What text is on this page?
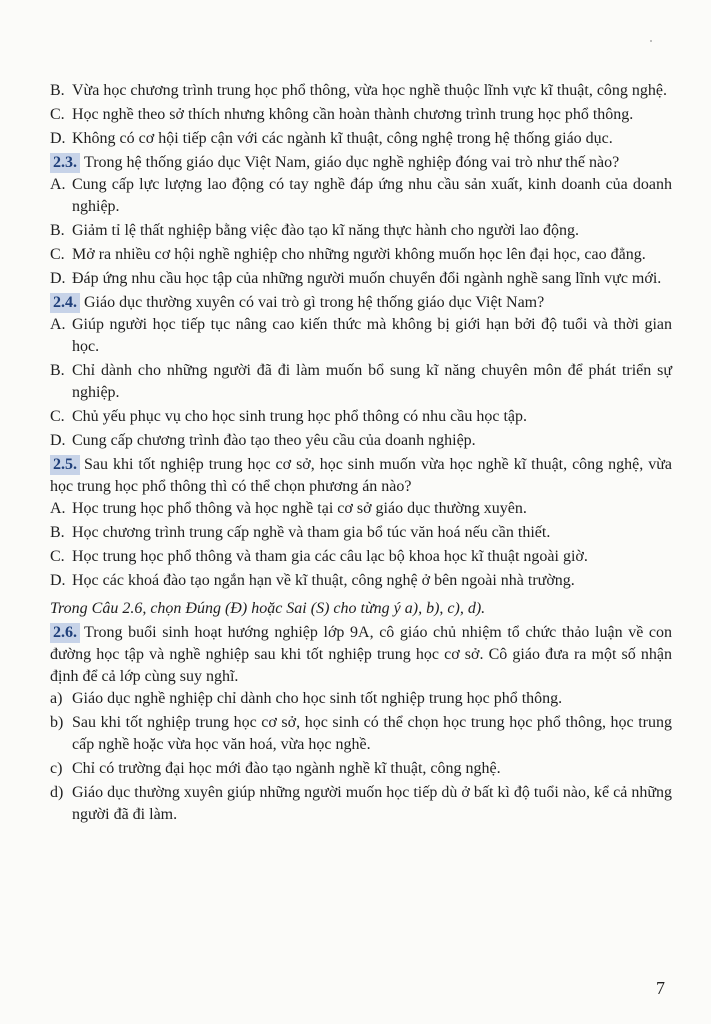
B. Vừa học chương trình trung học phổ thông, vừa học nghề thuộc lĩnh vực kĩ thuật, công nghệ.
C. Học nghề theo sở thích nhưng không cần hoàn thành chương trình trung học phổ thông.
D. Không có cơ hội tiếp cận với các ngành kĩ thuật, công nghệ trong hệ thống giáo dục.
2.3. Trong hệ thống giáo dục Việt Nam, giáo dục nghề nghiệp đóng vai trò như thế nào?
A. Cung cấp lực lượng lao động có tay nghề đáp ứng nhu cầu sản xuất, kinh doanh của doanh nghiệp.
B. Giảm tỉ lệ thất nghiệp bằng việc đào tạo kĩ năng thực hành cho người lao động.
C. Mở ra nhiều cơ hội nghề nghiệp cho những người không muốn học lên đại học, cao đẳng.
D. Đáp ứng nhu cầu học tập của những người muốn chuyển đổi ngành nghề sang lĩnh vực mới.
2.4. Giáo dục thường xuyên có vai trò gì trong hệ thống giáo dục Việt Nam?
A. Giúp người học tiếp tục nâng cao kiến thức mà không bị giới hạn bởi độ tuổi và thời gian học.
B. Chỉ dành cho những người đã đi làm muốn bổ sung kĩ năng chuyên môn để phát triển sự nghiệp.
C. Chủ yếu phục vụ cho học sinh trung học phổ thông có nhu cầu học tập.
D. Cung cấp chương trình đào tạo theo yêu cầu của doanh nghiệp.
2.5. Sau khi tốt nghiệp trung học cơ sở, học sinh muốn vừa học nghề kĩ thuật, công nghệ, vừa học trung học phổ thông thì có thể chọn phương án nào?
A. Học trung học phổ thông và học nghề tại cơ sở giáo dục thường xuyên.
B. Học chương trình trung cấp nghề và tham gia bổ túc văn hoá nếu cần thiết.
C. Học trung học phổ thông và tham gia các câu lạc bộ khoa học kĩ thuật ngoài giờ.
D. Học các khoá đào tạo ngắn hạn về kĩ thuật, công nghệ ở bên ngoài nhà trường.
Trong Câu 2.6, chọn Đúng (Đ) hoặc Sai (S) cho từng ý a), b), c), d).
2.6. Trong buổi sinh hoạt hướng nghiệp lớp 9A, cô giáo chủ nhiệm tổ chức thảo luận về con đường học tập và nghề nghiệp sau khi tốt nghiệp trung học cơ sở. Cô giáo đưa ra một số nhận định để cả lớp cùng suy nghĩ.
a) Giáo dục nghề nghiệp chỉ dành cho học sinh tốt nghiệp trung học phổ thông.
b) Sau khi tốt nghiệp trung học cơ sở, học sinh có thể chọn học trung học phổ thông, học trung cấp nghề hoặc vừa học văn hoá, vừa học nghề.
c) Chỉ có trường đại học mới đào tạo ngành nghề kĩ thuật, công nghệ.
d) Giáo dục thường xuyên giúp những người muốn học tiếp dù ở bất kì độ tuổi nào, kể cả những người đã đi làm.
7
